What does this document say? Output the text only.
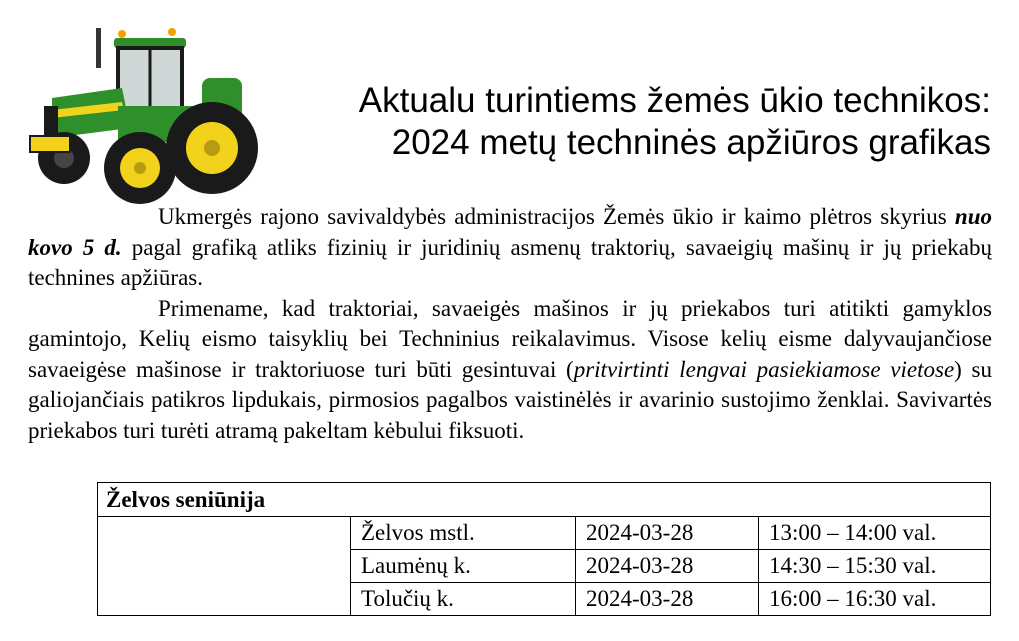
Aktualu turintiems žemės ūkio technikos:
2024 metų techninės apžiūros grafikas

Ukmergės rajono savivaldybės administracijos Žemės ūkio ir kaimo plėtros skyrius nuo kovo 5 d. pagal grafiką atliks fizinių ir juridinių asmenų traktorių, savaeigių mašinų ir jų priekabų technines apžiūras.

Primename, kad traktoriai, savaeigės mašinos ir jų priekabos turi atitikti gamyklos gamintojo, Kelių eismo taisyklių bei Techninius reikalavimus. Visose kelių eisme dalyvaujančiose savaeigėse mašinose ir traktoriuose turi būti gesintuvai (pritvirtinti lengvai pasiekiamose vietose) su galiojančiais patikros lipdukais, pirmosios pagalbos vaistinėlės ir avarinio sustojimo ženklai. Savivartės priekabos turi turėti atramą pakeltam kėbului fiksuoti.

Želvos seniūnija			
	Želvos mstl.	2024-03-28	13:00 – 14:00 val.
	Laumėnų k.	2024-03-28	14:30 – 15:30 val.
	Tolučių k.	2024-03-28	16:00 – 16:30 val.
